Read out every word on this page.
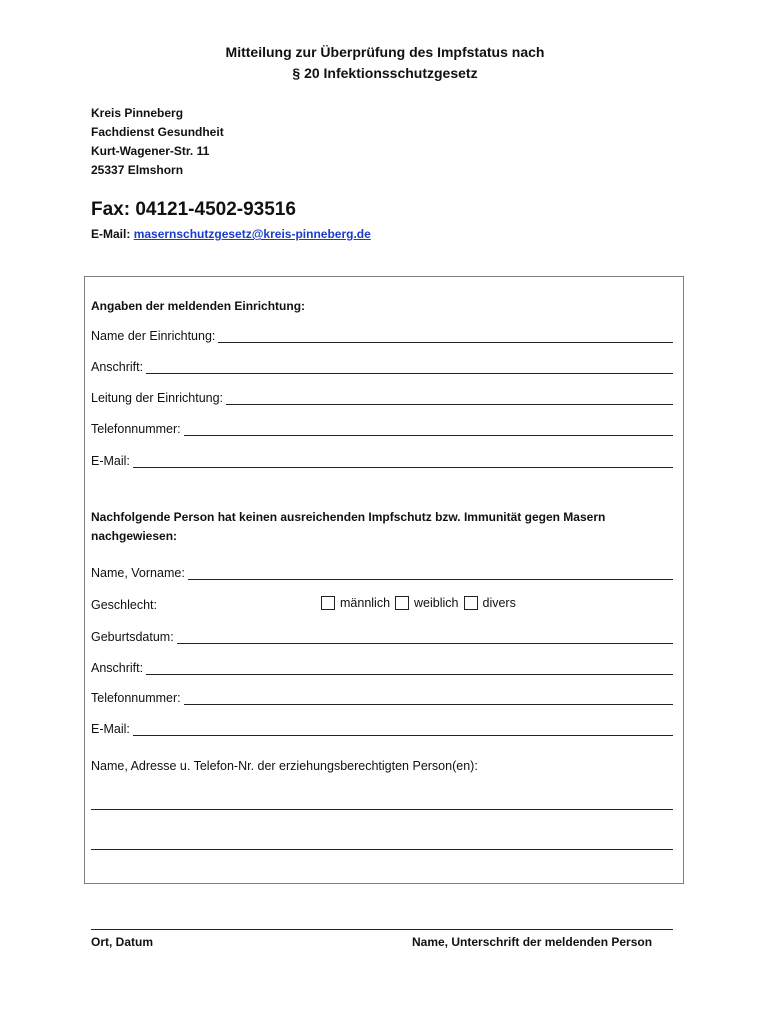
Mitteilung zur Überprüfung des Impfstatus nach
§ 20 Infektionsschutzgesetz
Kreis Pinneberg
Fachdienst Gesundheit
Kurt-Wagener-Str. 11
25337 Elmshorn
Fax: 04121-4502-93516
E-Mail: masernschutzgesetz@kreis-pinneberg.de
Angaben der meldenden Einrichtung:
Name der Einrichtung:
Anschrift:
Leitung der Einrichtung:
Telefonnummer:
E-Mail:
Nachfolgende Person hat keinen ausreichenden Impfschutz bzw. Immunität gegen Masern nachgewiesen:
Name, Vorname:
Geschlecht:	männlich weiblich divers
Geburtsdatum:
Anschrift:
Telefonnummer:
E-Mail:
Name, Adresse u. Telefon-Nr. der erziehungsberechtigten Person(en):
Ort, Datum	Name, Unterschrift der meldenden Person
